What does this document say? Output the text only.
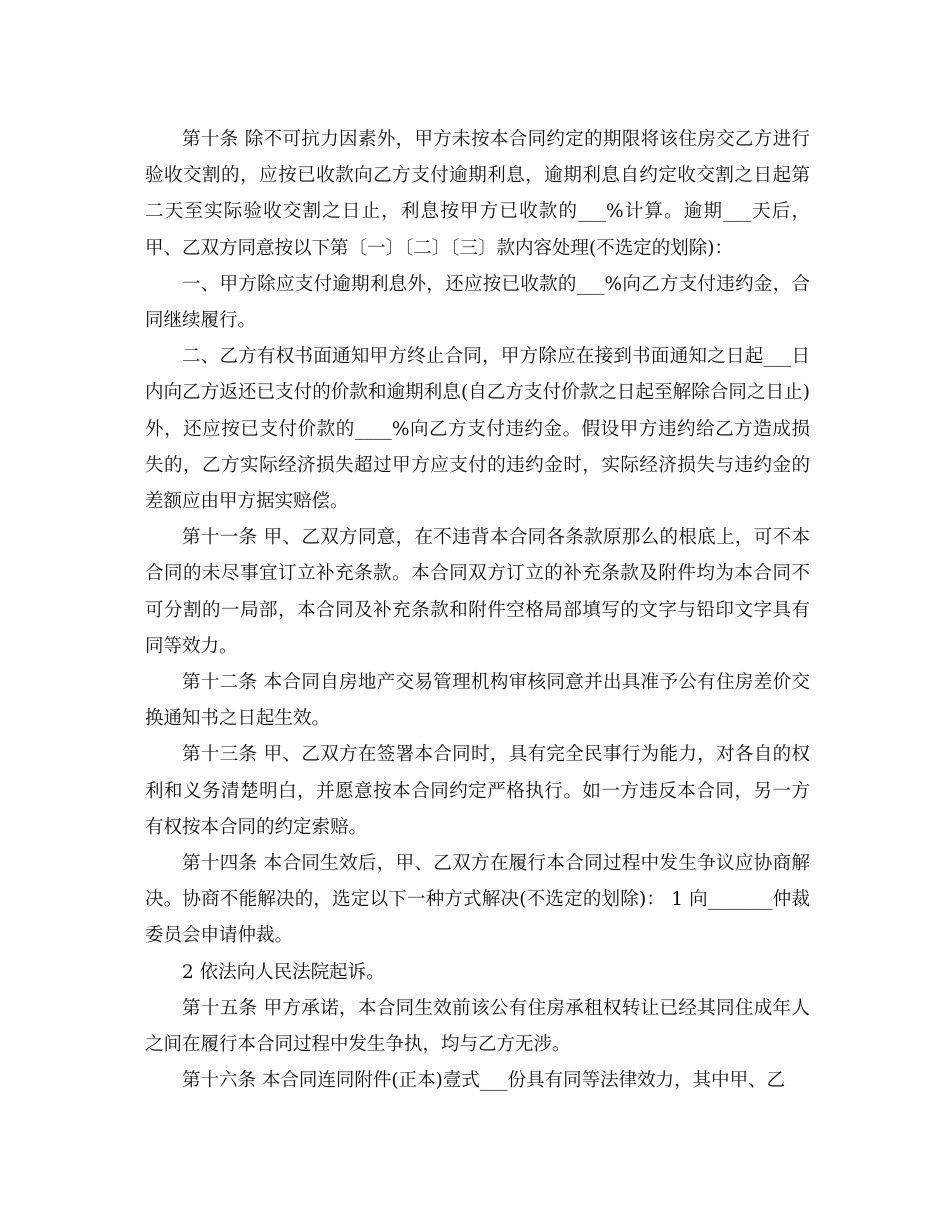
第十条 除不可抗力因素外，甲方未按本合同约定的期限将该住房交乙方进行验收交割的，应按已收款向乙方支付逾期利息，逾期利息自约定收交割之日起第二天至实际验收交割之日止，利息按甲方已收款的___%计算。逾期___天后，甲、乙双方同意按以下第〔一〕〔二〕〔三〕款内容处理(不选定的划除)：

一、甲方除应支付逾期利息外，还应按已收款的___%向乙方支付违约金，合同继续履行。

二、乙方有权书面通知甲方终止合同，甲方除应在接到书面通知之日起___日内向乙方返还已支付的价款和逾期利息(自乙方支付价款之日起至解除合同之日止)外，还应按已支付价款的____%向乙方支付违约金。假设甲方违约给乙方造成损失的，乙方实际经济损失超过甲方应支付的违约金时，实际经济损失与违约金的差额应由甲方据实赔偿。

第十一条 甲、乙双方同意，在不违背本合同各条款原那么的根底上，可不本合同的未尽事宜订立补充条款。本合同双方订立的补充条款及附件均为本合同不可分割的一局部，本合同及补充条款和附件空格局部填写的文字与铅印文字具有同等效力。

第十二条 本合同自房地产交易管理机构审核同意并出具准予公有住房差价交换通知书之日起生效。

第十三条 甲、乙双方在签署本合同时，具有完全民事行为能力，对各自的权利和义务清楚明白，并愿意按本合同约定严格执行。如一方违反本合同，另一方有权按本合同的约定索赔。

第十四条 本合同生效后，甲、乙双方在履行本合同过程中发生争议应协商解决。协商不能解决的，选定以下一种方式解决(不选定的划除)： 1 向_______仲裁委员会申请仲裁。

2 依法向人民法院起诉。

第十五条 甲方承诺，本合同生效前该公有住房承租权转让已经其同住成年人之间在履行本合同过程中发生争执，均与乙方无涉。

第十六条 本合同连同附件(正本)壹式___份具有同等法律效力，其中甲、乙
